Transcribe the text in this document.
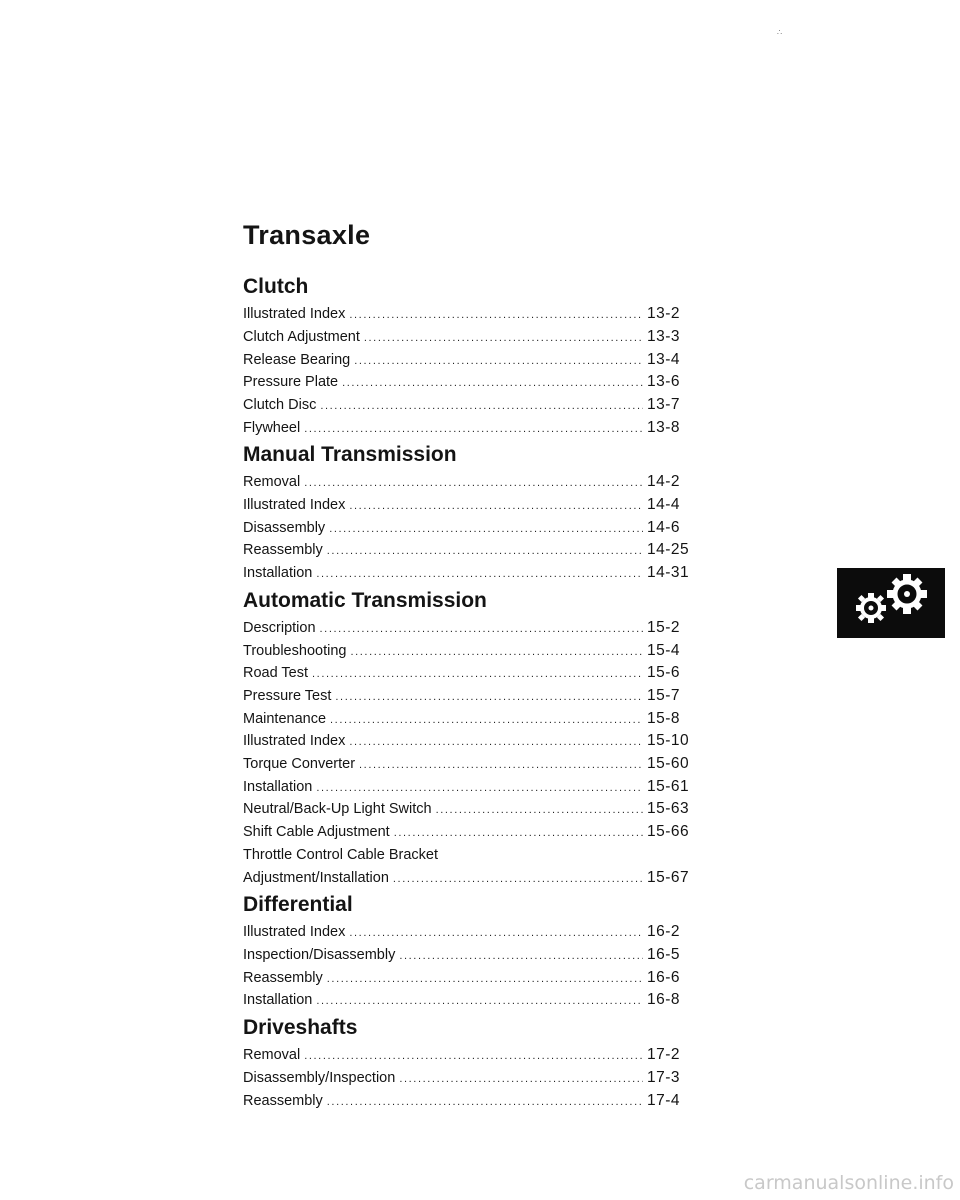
Transaxle
Clutch
Illustrated Index .....	13-2
Clutch Adjustment .....	13-3
Release Bearing .....	13-4
Pressure Plate .....	13-6
Clutch Disc .....	13-7
Flywheel .....	13-8
Manual Transmission
Removal .....	14-2
Illustrated Index .....	14-4
Disassembly .....	14-6
Reassembly .....	14-25
Installation .....	14-31
Automatic Transmission
Description .....	15-2
Troubleshooting .....	15-4
Road Test .....	15-6
Pressure Test .....	15-7
Maintenance .....	15-8
Illustrated Index .....	15-10
Torque Converter .....	15-60
Installation .....	15-61
Neutral/Back-Up Light Switch .....	15-63
Shift Cable Adjustment .....	15-66
Throttle Control Cable Bracket
Adjustment/Installation .....	15-67
Differential
Illustrated Index .....	16-2
Inspection/Disassembly .....	16-5
Reassembly .....	16-6
Installation .....	16-8
Driveshafts
Removal .....	17-2
Disassembly/Inspection .....	17-3
Reassembly .....	17-4
∴
carmanualsonline.info
